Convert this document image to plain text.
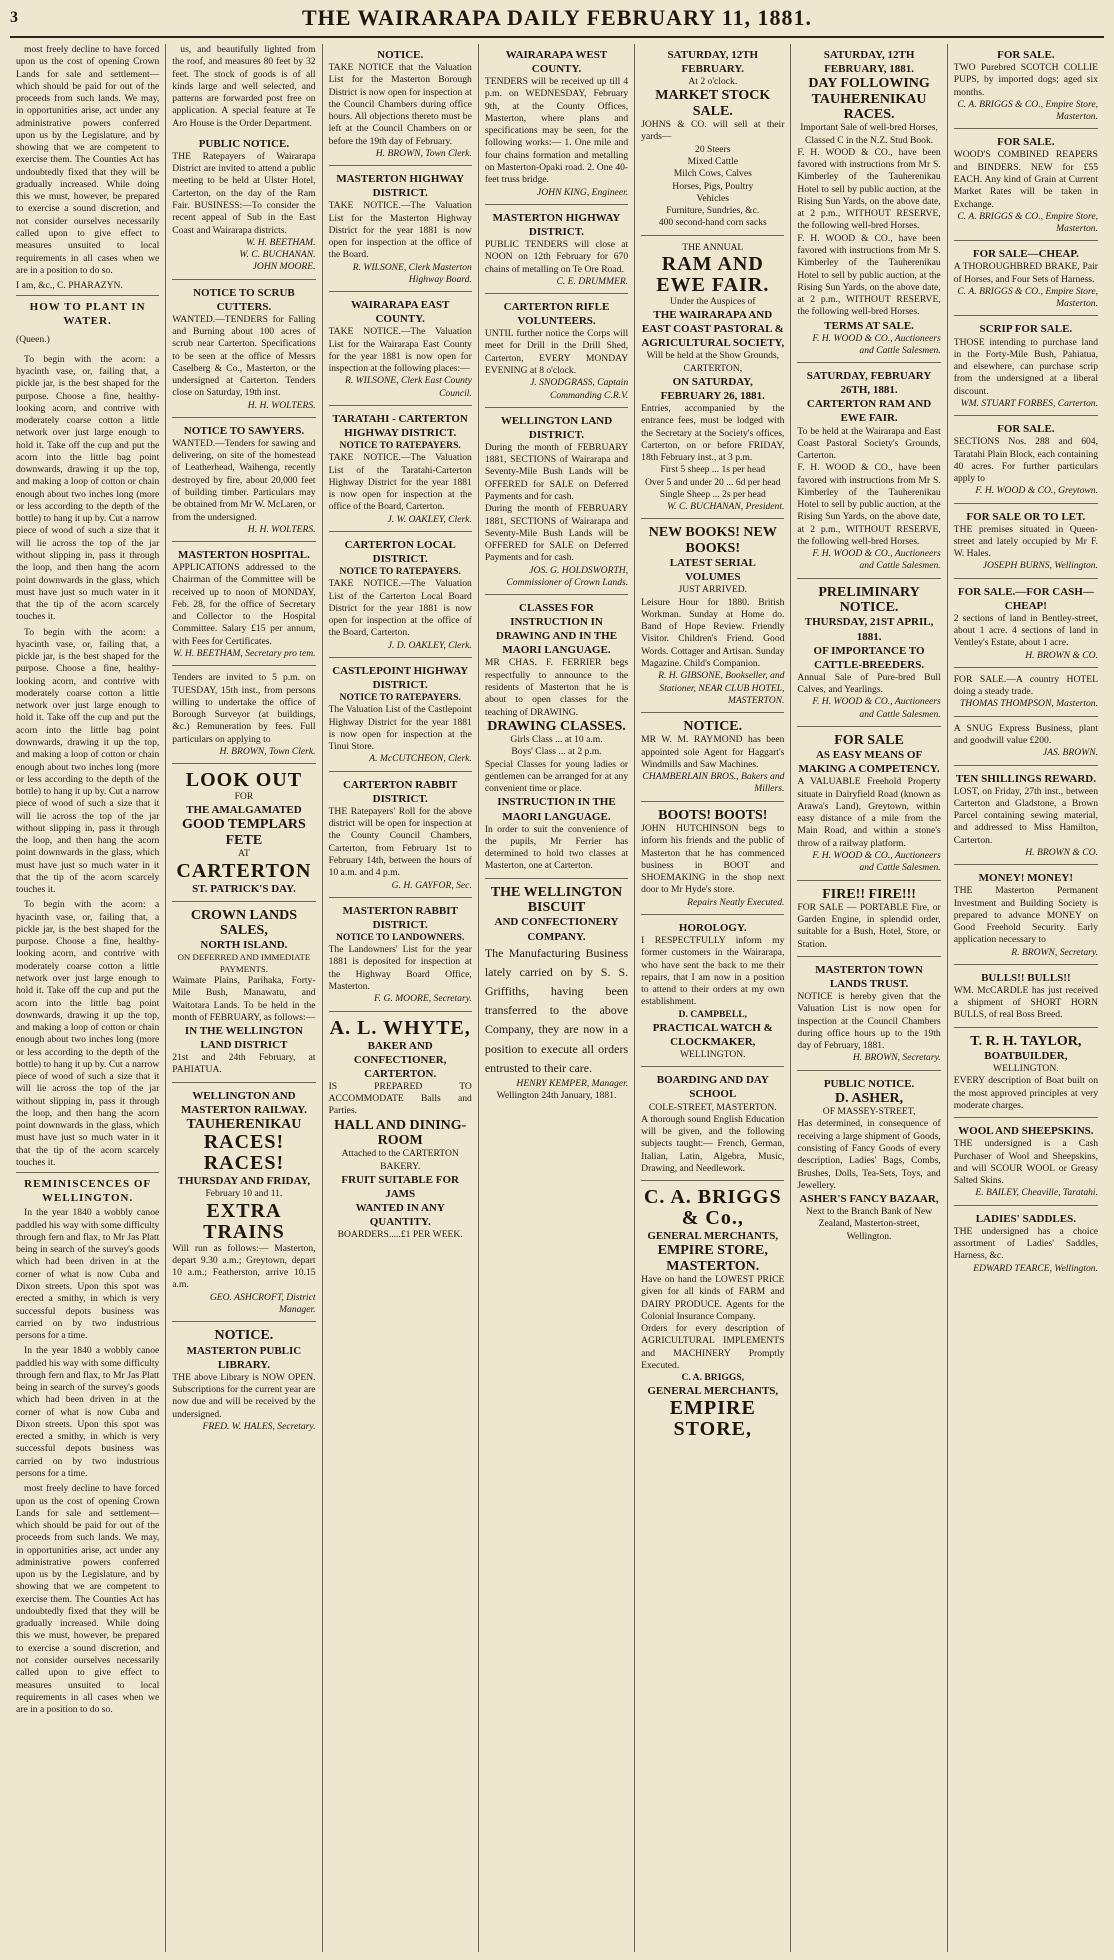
3	THE WAIRARAPA DAILY FEBRUARY 11, 1881.

most freely decline to have forced upon us the cost of opening Crown Lands for sale and settlement—which should be paid for out of the proceeds from such lands. We may, in opportunities arise, act under any administrative powers conferred upon us by the Legislature, and by showing that we are competent to exercise them. The Counties Act has undoubtedly fixed that they will be gradually increased. While doing this we must, however, be prepared to exercise a sound discretion, and not consider ourselves necessarily called upon to give effect to measures unsuited to local requirements in all cases when we are in a position to do so.

I am, &c., C. PHARAZYN.
HOW TO PLANT IN WATER.
(Queen.)

To begin with the acorn: a hyacinth vase, or, failing that, a pickle jar, is the best shaped for the purpose. Choose a fine, healthy-looking acorn, and contrive with moderately coarse cotton a little network over just large enough to hold it. Take off the cup and put the acorn into the little bag point downwards, drawing it up the top, and making a loop of cotton or chain enough about two inches long (more or less according to the depth of the bottle) to hang it up by. Cut a narrow piece of wood of such a size that it will lie across the top of the jar without slipping in, pass it through the loop, and then hang the acorn point downwards in the glass, which must have just so much water in it that the tip of the acorn scarcely touches it.

To begin with the acorn: a hyacinth vase, or, failing that, a pickle jar, is the best shaped for the purpose. Choose a fine, healthy-looking acorn, and contrive with moderately coarse cotton a little network over just large enough to hold it. Take off the cup and put the acorn into the little bag point downwards, drawing it up the top, and making a loop of cotton or chain enough about two inches long (more or less according to the depth of the bottle) to hang it up by. Cut a narrow piece of wood of such a size that it will lie across the top of the jar without slipping in, pass it through the loop, and then hang the acorn point downwards in the glass, which must have just so much water in it that the tip of the acorn scarcely touches it.

To begin with the acorn: a hyacinth vase, or, failing that, a pickle jar, is the best shaped for the purpose. Choose a fine, healthy-looking acorn, and contrive with moderately coarse cotton a little network over just large enough to hold it. Take off the cup and put the acorn into the little bag point downwards, drawing it up the top, and making a loop of cotton or chain enough about two inches long (more or less according to the depth of the bottle) to hang it up by. Cut a narrow piece of wood of such a size that it will lie across the top of the jar without slipping in, pass it through the loop, and then hang the acorn point downwards in the glass, which must have just so much water in it that the tip of the acorn scarcely touches it.

REMINISCENCES OF WELLINGTON.

In the year 1840 a wobbly canoe paddled his way with some difficulty through fern and flax, to Mr Jas Platt being in search of the survey's goods which had been driven in at the corner of what is now Cuba and Dixon streets. Upon this spot was erected a smithy, in which is very successful depots business was carried on by two industrious persons for a time.

In the year 1840 a wobbly canoe paddled his way with some difficulty through fern and flax, to Mr Jas Platt being in search of the survey's goods which had been driven in at the corner of what is now Cuba and Dixon streets. Upon this spot was erected a smithy, in which is very successful depots business was carried on by two industrious persons for a time.

most freely decline to have forced upon us the cost of opening Crown Lands for sale and settlement—which should be paid for out of the proceeds from such lands. We may, in opportunities arise, act under any administrative powers conferred upon us by the Legislature, and by showing that we are competent to exercise them. The Counties Act has undoubtedly fixed that they will be gradually increased. While doing this we must, however, be prepared to exercise a sound discretion, and not consider ourselves necessarily called upon to give effect to measures unsuited to local requirements in all cases when we are in a position to do so.

us, and beautifully lighted from the roof, and measures 80 feet by 32 feet. The stock of goods is of all kinds large and well selected, and patterns are forwarded post free on application. A special feature at Te Aro House is the Order Department.

PUBLIC NOTICE.
THE Ratepayers of Wairarapa District are invited to attend a public meeting to be held at Ulster Hotel, Carterton, on the day of the Ram Fair. BUSINESS:—To consider the recent appeal of Sub in the East Coast and Wairarapa districts.
W. H. BEETHAM.
W. C. BUCHANAN.
JOHN MOORE.
NOTICE TO SCRUB CUTTERS.
WANTED.—TENDERS for Falling and Burning about 100 acres of scrub near Carterton. Specifications to be seen at the office of Messrs Caselberg & Co., Masterton, or the undersigned at Carterton. Tenders close on Saturday, 19th inst.
H. H. WOLTERS.
NOTICE TO SAWYERS.
WANTED.—Tenders for sawing and delivering, on site of the homestead of Leatherhead, Waihenga, recently destroyed by fire, about 20,000 feet of building timber. Particulars may be obtained from Mr W. McLaren, or from the undersigned.
H. H. WOLTERS.
MASTERTON HOSPITAL.
APPLICATIONS addressed to the Chairman of the Committee will be received up to noon of MONDAY, Feb. 28, for the office of Secretary and Collector to the Hospital Committee. Salary £15 per annum, with Fees for Certificates.
W. H. BEETHAM, Secretary pro tem.
Tenders are invited to 5 p.m. on TUESDAY, 15th inst., from persons willing to undertake the office of Borough Surveyor (at buildings, &c.) Remuneration by fees. Full particulars on applying to
H. BROWN, Town Clerk.
LOOK OUT
FOR
THE AMALGAMATED
GOOD TEMPLARS FETE
AT
CARTERTON
ST. PATRICK'S DAY.
CROWN LANDS SALES,
NORTH ISLAND.
ON DEFERRED AND IMMEDIATE PAYMENTS.
Waimate Plains, Parihaka, Forty-Mile Bush, Manawatu, and Waitotara Lands. To be held in the month of FEBRUARY, as follows:—
IN THE WELLINGTON LAND DISTRICT
21st and 24th February, at PAHIATUA.
WELLINGTON AND MASTERTON RAILWAY.
TAUHERENIKAU
RACES! RACES!
THURSDAY AND FRIDAY,
February 10 and 11.
EXTRA TRAINS
Will run as follows:— Masterton, depart 9.30 a.m.; Greytown, depart 10 a.m.; Featherston, arrive 10.15 a.m.
GEO. ASHCROFT, District Manager.
NOTICE.
MASTERTON PUBLIC LIBRARY.
THE above Library is NOW OPEN. Subscriptions for the current year are now due and will be received by the undersigned.
FRED. W. HALES, Secretary.
NOTICE.
TAKE NOTICE that the Valuation List for the Masterton Borough District is now open for inspection at the Council Chambers during office hours. All objections thereto must be left at the Council Chambers on or before the 19th day of February.
H. BROWN, Town Clerk.
MASTERTON HIGHWAY DISTRICT.
TAKE NOTICE.—The Valuation List for the Masterton Highway District for the year 1881 is now open for inspection at the office of the Board.
R. WILSONE, Clerk Masterton Highway Board.
WAIRARAPA EAST COUNTY.
TAKE NOTICE.—The Valuation List for the Wairarapa East County for the year 1881 is now open for inspection at the following places:—
R. WILSONE, Clerk East County Council.
TARATAHI - CARTERTON HIGHWAY DISTRICT.
NOTICE TO RATEPAYERS.
TAKE NOTICE.—The Valuation List of the Taratahi-Carterton Highway District for the year 1881 is now open for inspection at the office of the Board, Carterton.
J. W. OAKLEY, Clerk.
CARTERTON LOCAL DISTRICT.
NOTICE TO RATEPAYERS.
TAKE NOTICE.—The Valuation List of the Carterton Local Board District for the year 1881 is now open for inspection at the office of the Board, Carterton.
J. D. OAKLEY, Clerk.
CASTLEPOINT HIGHWAY DISTRICT.
NOTICE TO RATEPAYERS.
The Valuation List of the Castlepoint Highway District for the year 1881 is now open for inspection at the Tinui Store.
A. McCUTCHEON, Clerk.
CARTERTON RABBIT DISTRICT.
THE Ratepayers' Roll for the above district will be open for inspection at the County Council Chambers, Carterton, from February 1st to February 14th, between the hours of 10 a.m. and 4 p.m.
G. H. GAYFOR, Sec.
MASTERTON RABBIT DISTRICT.
NOTICE TO LANDOWNERS.
The Landowners' List for the year 1881 is deposited for inspection at the Highway Board Office, Masterton.
F. G. MOORE, Secretary.
A. L. WHYTE,
BAKER AND CONFECTIONER, CARTERTON.
IS PREPARED TO ACCOMMODATE Balls and Parties.
HALL AND DINING-ROOM
Attached to the CARTERTON BAKERY.
FRUIT SUITABLE FOR JAMS
WANTED IN ANY QUANTITY.
BOARDERS.....£1 PER WEEK.
WAIRARAPA WEST COUNTY.
TENDERS will be received up till 4 p.m. on WEDNESDAY, February 9th, at the County Offices, Masterton, where plans and specifications may be seen, for the following works:— 1. One mile and four chains formation and metalling on Masterton-Opaki road. 2. One 40-feet truss bridge.
JOHN KING, Engineer.
MASTERTON HIGHWAY DISTRICT.
PUBLIC TENDERS will close at NOON on 12th February for 670 chains of metalling on Te Ore Road.
C. E. DRUMMER.
CARTERTON RIFLE VOLUNTEERS.
UNTIL further notice the Corps will meet for Drill in the Drill Shed, Carterton, EVERY MONDAY EVENING at 8 o'clock.
J. SNODGRASS, Captain Commanding C.R.V.
WELLINGTON LAND DISTRICT.
During the month of FEBRUARY 1881, SECTIONS of Wairarapa and Seventy-Mile Bush Lands will be OFFERED for SALE on Deferred Payments and for cash.
During the month of FEBRUARY 1881, SECTIONS of Wairarapa and Seventy-Mile Bush Lands will be OFFERED for SALE on Deferred Payments and for cash.
JOS. G. HOLDSWORTH, Commissioner of Crown Lands.
CLASSES FOR INSTRUCTION IN DRAWING AND IN THE MAORI LANGUAGE.
MR CHAS. F. FERRIER begs respectfully to announce to the residents of Masterton that he is about to open classes for the teaching of DRAWING.
DRAWING CLASSES.
Girls Class ... at 10 a.m.
Boys' Class ... at 2 p.m.
Special Classes for young ladies or gentlemen can be arranged for at any convenient time or place.
INSTRUCTION IN THE MAORI LANGUAGE.
In order to suit the convenience of the pupils, Mr Ferrier has determined to hold two classes at Masterton, one at Carterton.
THE WELLINGTON BISCUIT
AND CONFECTIONERY COMPANY.
The Manufacturing Business lately carried on by S. S. Griffiths, having been transferred to the above Company, they are now in a position to execute all orders entrusted to their care.
HENRY KEMPER, Manager.
Wellington 24th January, 1881.
SATURDAY, 12TH FEBRUARY.
At 2 o'clock.
MARKET STOCK SALE.
JOHNS & CO. will sell at their yards—
20 Steers
Mixed Cattle
Milch Cows, Calves
Horses, Pigs, Poultry
Vehicles
Furniture, Sundries, &c.
400 second-hand corn sacks
THE ANNUAL
RAM AND EWE FAIR.
Under the Auspices of
THE WAIRARAPA AND EAST COAST PASTORAL & AGRICULTURAL SOCIETY,
Will be held at the Show Grounds, CARTERTON,
ON SATURDAY, FEBRUARY 26, 1881.
Entries, accompanied by the entrance fees, must be lodged with the Secretary at the Society's offices, Carterton, on or before FRIDAY, 18th February inst., at 3 p.m.
First 5 sheep ... 1s per head
Over 5 and under 20 ... 6d per head
Single Sheep ... 2s per head
W. C. BUCHANAN, President.
NEW BOOKS! NEW BOOKS!
LATEST SERIAL VOLUMES
JUST ARRIVED.
Leisure Hour for 1880. British Workman. Sunday at Home do. Band of Hope Review. Friendly Visitor. Children's Friend. Good Words. Cottager and Artisan. Sunday Magazine. Child's Companion.
R. H. GIBSONE, Bookseller, and Stationer, NEAR CLUB HOTEL, MASTERTON.
NOTICE.
MR W. M. RAYMOND has been appointed sole Agent for Haggart's Windmills and Saw Machines.
CHAMBERLAIN BROS., Bakers and Millers.
BOOTS! BOOTS!
JOHN HUTCHINSON begs to inform his friends and the public of Masterton that he has commenced business in BOOT and SHOEMAKING in the shop next door to Mr Hyde's store.
Repairs Neatly Executed.
HOROLOGY.
I RESPECTFULLY inform my former customers in the Wairarapa, who have sent the back to me their repairs, that I am now in a position to attend to their orders at my own establishment.
D. CAMPBELL,
PRACTICAL WATCH & CLOCKMAKER,
WELLINGTON.
BOARDING AND DAY SCHOOL
COLE-STREET, MASTERTON.
A thorough sound English Education will be given, and the following subjects taught:— French, German, Italian, Latin, Algebra, Music, Drawing, and Needlework.
C. A. BRIGGS & Co.,
GENERAL MERCHANTS,
EMPIRE STORE, MASTERTON.
Have on hand the LOWEST PRICE given for all kinds of FARM and DAIRY PRODUCE. Agents for the Colonial Insurance Company.
Orders for every description of AGRICULTURAL IMPLEMENTS and MACHINERY Promptly Executed.
C. A. BRIGGS,
GENERAL MERCHANTS,
EMPIRE STORE,
SATURDAY, 12TH FEBRUARY, 1881.
DAY FOLLOWING TAUHERENIKAU RACES.
Important Sale of well-bred Horses, Classed C in the N.Z. Stud Book.
F. H. WOOD & CO., have been favored with instructions from Mr S. Kimberley of the Tauherenikau Hotel to sell by public auction, at the Rising Sun Yards, on the above date, at 2 p.m., WITHOUT RESERVE, the following well-bred Horses.
F. H. WOOD & CO., have been favored with instructions from Mr S. Kimberley of the Tauherenikau Hotel to sell by public auction, at the Rising Sun Yards, on the above date, at 2 p.m., WITHOUT RESERVE, the following well-bred Horses.
TERMS AT SALE.
F. H. WOOD & CO., Auctioneers and Cattle Salesmen.
SATURDAY, FEBRUARY 26TH, 1881.
CARTERTON RAM AND EWE FAIR.
To be held at the Wairarapa and East Coast Pastoral Society's Grounds, Carterton.
F. H. WOOD & CO., have been favored with instructions from Mr S. Kimberley of the Tauherenikau Hotel to sell by public auction, at the Rising Sun Yards, on the above date, at 2 p.m., WITHOUT RESERVE, the following well-bred Horses.
F. H. WOOD & CO., Auctioneers and Cattle Salesmen.
PRELIMINARY NOTICE.
THURSDAY, 21ST APRIL, 1881.
OF IMPORTANCE TO CATTLE-BREEDERS.
Annual Sale of Pure-bred Bull Calves, and Yearlings.
F. H. WOOD & CO., Auctioneers and Cattle Salesmen.
FOR SALE
AS EASY MEANS OF MAKING A COMPETENCY.
A VALUABLE Freehold Property situate in Dairyfield Road (known as Arawa's Land), Greytown, within easy distance of a mile from the Main Road, and within a stone's throw of a railway platform.
F. H. WOOD & CO., Auctioneers and Cattle Salesmen.
FIRE!! FIRE!!!
FOR SALE — PORTABLE Fire, or Garden Engine, in splendid order, suitable for a Bush, Hotel, Store, or Station.
MASTERTON TOWN LANDS TRUST.
NOTICE is hereby given that the Valuation List is now open for inspection at the Council Chambers during office hours up to the 19th day of February, 1881.
H. BROWN, Secretary.
PUBLIC NOTICE.
D. ASHER,
OF MASSEY-STREET,
Has determined, in consequence of receiving a large shipment of Goods, consisting of Fancy Goods of every description, Ladies' Bags, Combs, Brushes, Dolls, Tea-Sets, Toys, and Jewellery.
ASHER'S FANCY BAZAAR,
Next to the Branch Bank of New Zealand, Masterton-street, Wellington.
FOR SALE.
TWO Purebred SCOTCH COLLIE PUPS, by imported dogs; aged six months.
C. A. BRIGGS & CO., Empire Store, Masterton.
FOR SALE.
WOOD'S COMBINED REAPERS and BINDERS. NEW for £55 EACH. Any kind of Grain at Current Market Rates will be taken in Exchange.
C. A. BRIGGS & CO., Empire Store, Masterton.
FOR SALE—CHEAP.
A THOROUGHBRED BRAKE, Pair of Horses, and Four Sets of Harness.
C. A. BRIGGS & CO., Empire Store, Masterton.
SCRIP FOR SALE.
THOSE intending to purchase land in the Forty-Mile Bush, Pahiatua, and elsewhere, can purchase scrip from the undersigned at a liberal discount.
WM. STUART FORBES, Carterton.
FOR SALE.
SECTIONS Nos. 288 and 604, Taratahi Plain Block, each containing 40 acres. For further particulars apply to
F. H. WOOD & CO., Greytown.
FOR SALE OR TO LET.
THE premises situated in Queen-street and lately occupied by Mr F. W. Hales.
JOSEPH BURNS, Wellington.
FOR SALE.—FOR CASH—CHEAP!
2 sections of land in Bentley-street, about 1 acre. 4 sections of land in Ventley's Estate, about 1 acre.
H. BROWN & CO.
FOR SALE.—A country HOTEL doing a steady trade.
THOMAS THOMPSON, Masterton.
A SNUG Express Business, plant and goodwill value £200.
JAS. BROWN.
TEN SHILLINGS REWARD.
LOST, on Friday, 27th inst., between Carterton and Gladstone, a Brown Parcel containing sewing material, and addressed to Miss Hamilton, Carterton.
H. BROWN & CO.
MONEY! MONEY!
THE Masterton Permanent Investment and Building Society is prepared to advance MONEY on Good Freehold Security. Early application necessary to
R. BROWN, Secretary.
BULLS!! BULLS!!
WM. McCARDLE has just received a shipment of SHORT HORN BULLS, of real Boss Breed.
T. R. H. TAYLOR,
BOATBUILDER,
WELLINGTON.
EVERY description of Boat built on the most approved principles at very moderate charges.
WOOL AND SHEEPSKINS.
THE undersigned is a Cash Purchaser of Wool and Sheepskins, and will SCOUR WOOL or Greasy Salted Skins.
E. BAILEY, Cheaville, Taratahi.
LADIES' SADDLES.
THE undersigned has a choice assortment of Ladies' Saddles, Harness, &c.
EDWARD TEARCE, Wellington.
